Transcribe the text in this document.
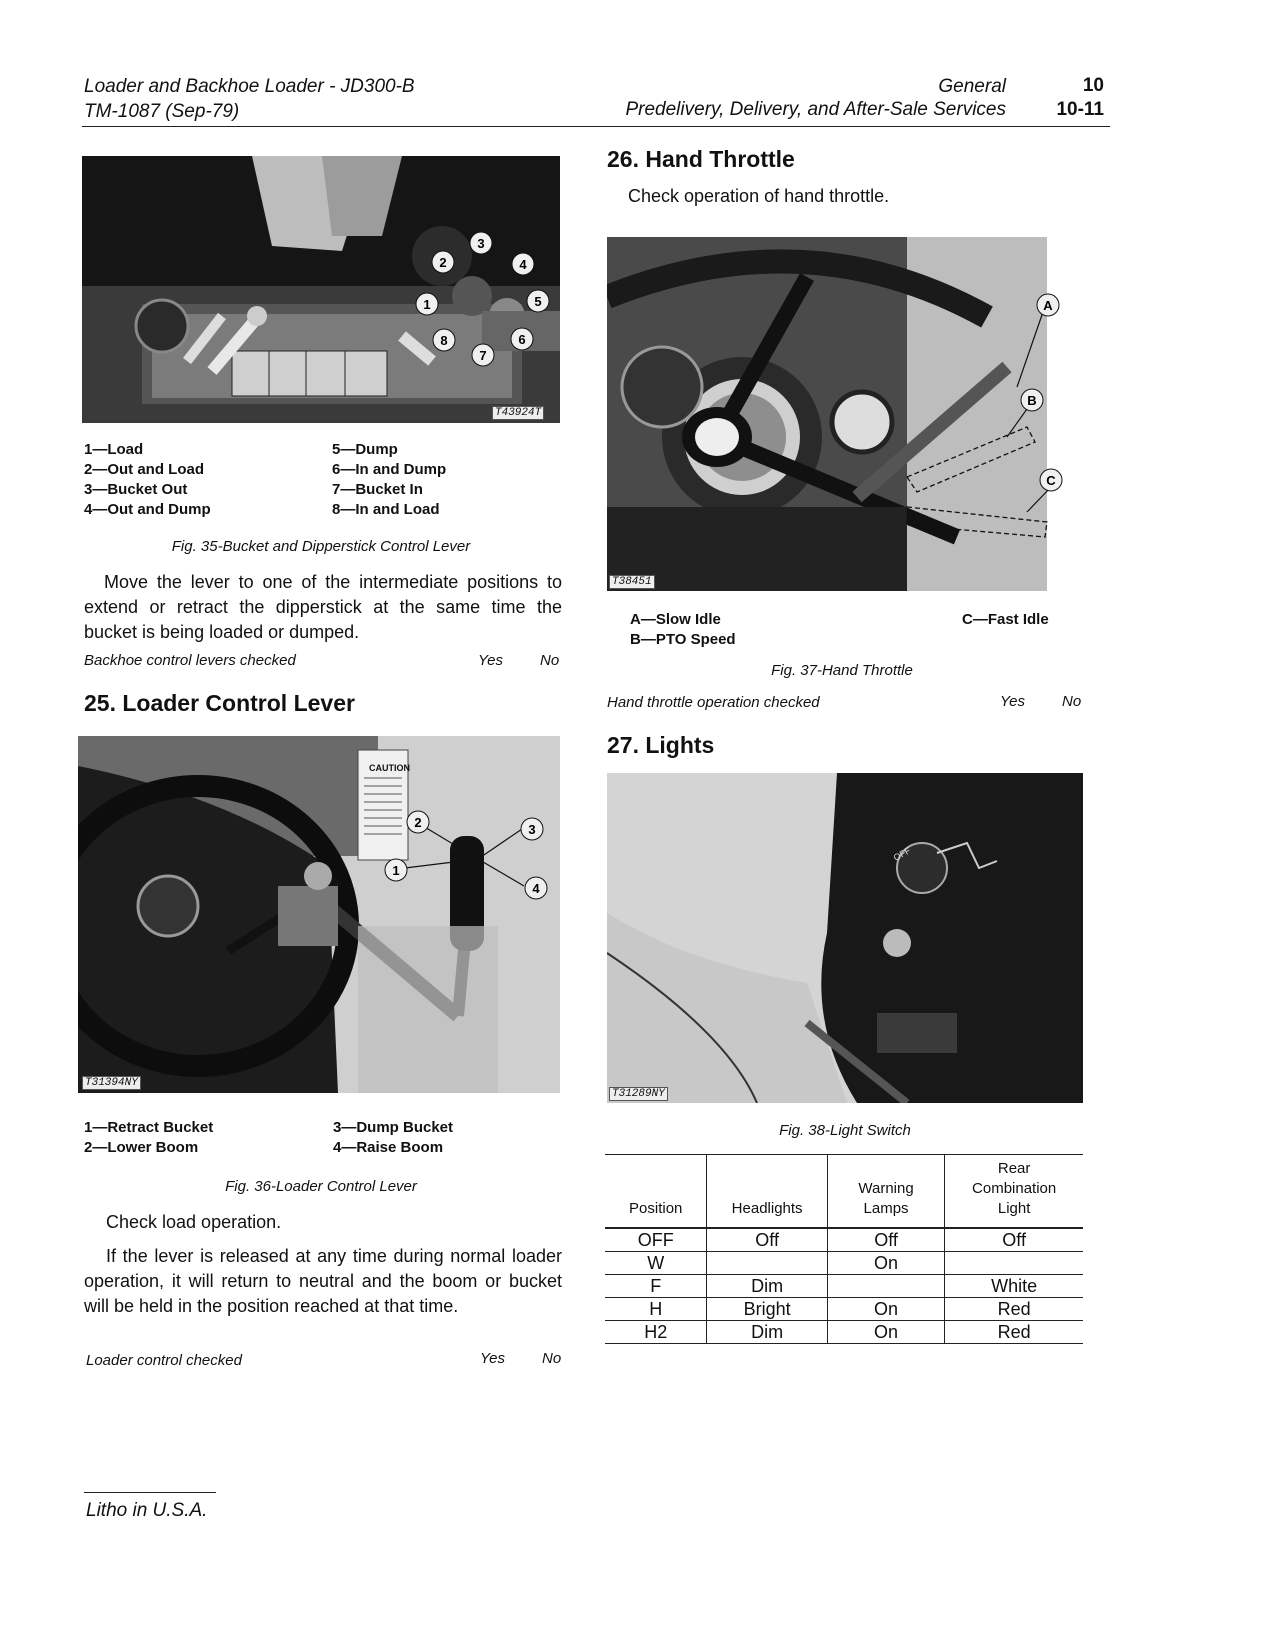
Loader and Backhoe Loader - JD300-B
TM-1087 (Sep-79)
General
Predelivery, Delivery, and After-Sale Services
10
10-11
T43924T
1
2
3
4
5
6
7
8
1—Load
2—Out and Load
3—Bucket Out
4—Out and Dump
5—Dump
6—In and Dump
7—Bucket In
8—In and Load
Fig. 35-Bucket and Dipperstick Control Lever
Move the lever to one of the intermediate positions to extend or retract the dipperstick at the same time the bucket is being loaded or dumped.
Backhoe control levers checked	Yes No
25. Loader Control Lever
CAUTION
T31394NY
1
2	3
4
1—Retract Bucket
2—Lower Boom
3—Dump Bucket
4—Raise Boom
Fig. 36-Loader Control Lever
Check load operation.
If the lever is released at any time during normal loader operation, it will return to neutral and the boom or bucket will be held in the position reached at that time.
Loader control checked	Yes No
26. Hand Throttle
Check operation of hand throttle.
T38451
A
B
C
A—Slow Idle
B—PTO Speed
C—Fast Idle
Fig. 37-Hand Throttle
Hand throttle operation checked	Yes No
27. Lights
OFF
T31289NY
Fig. 38-Light Switch
Position	Headlights	Warning Lamps	Rear Combination Light

OFF	Off	Off	Off
W		On	
F	Dim		White
H	Bright	On	Red
H2	Dim	On	Red
Litho in U.S.A.
